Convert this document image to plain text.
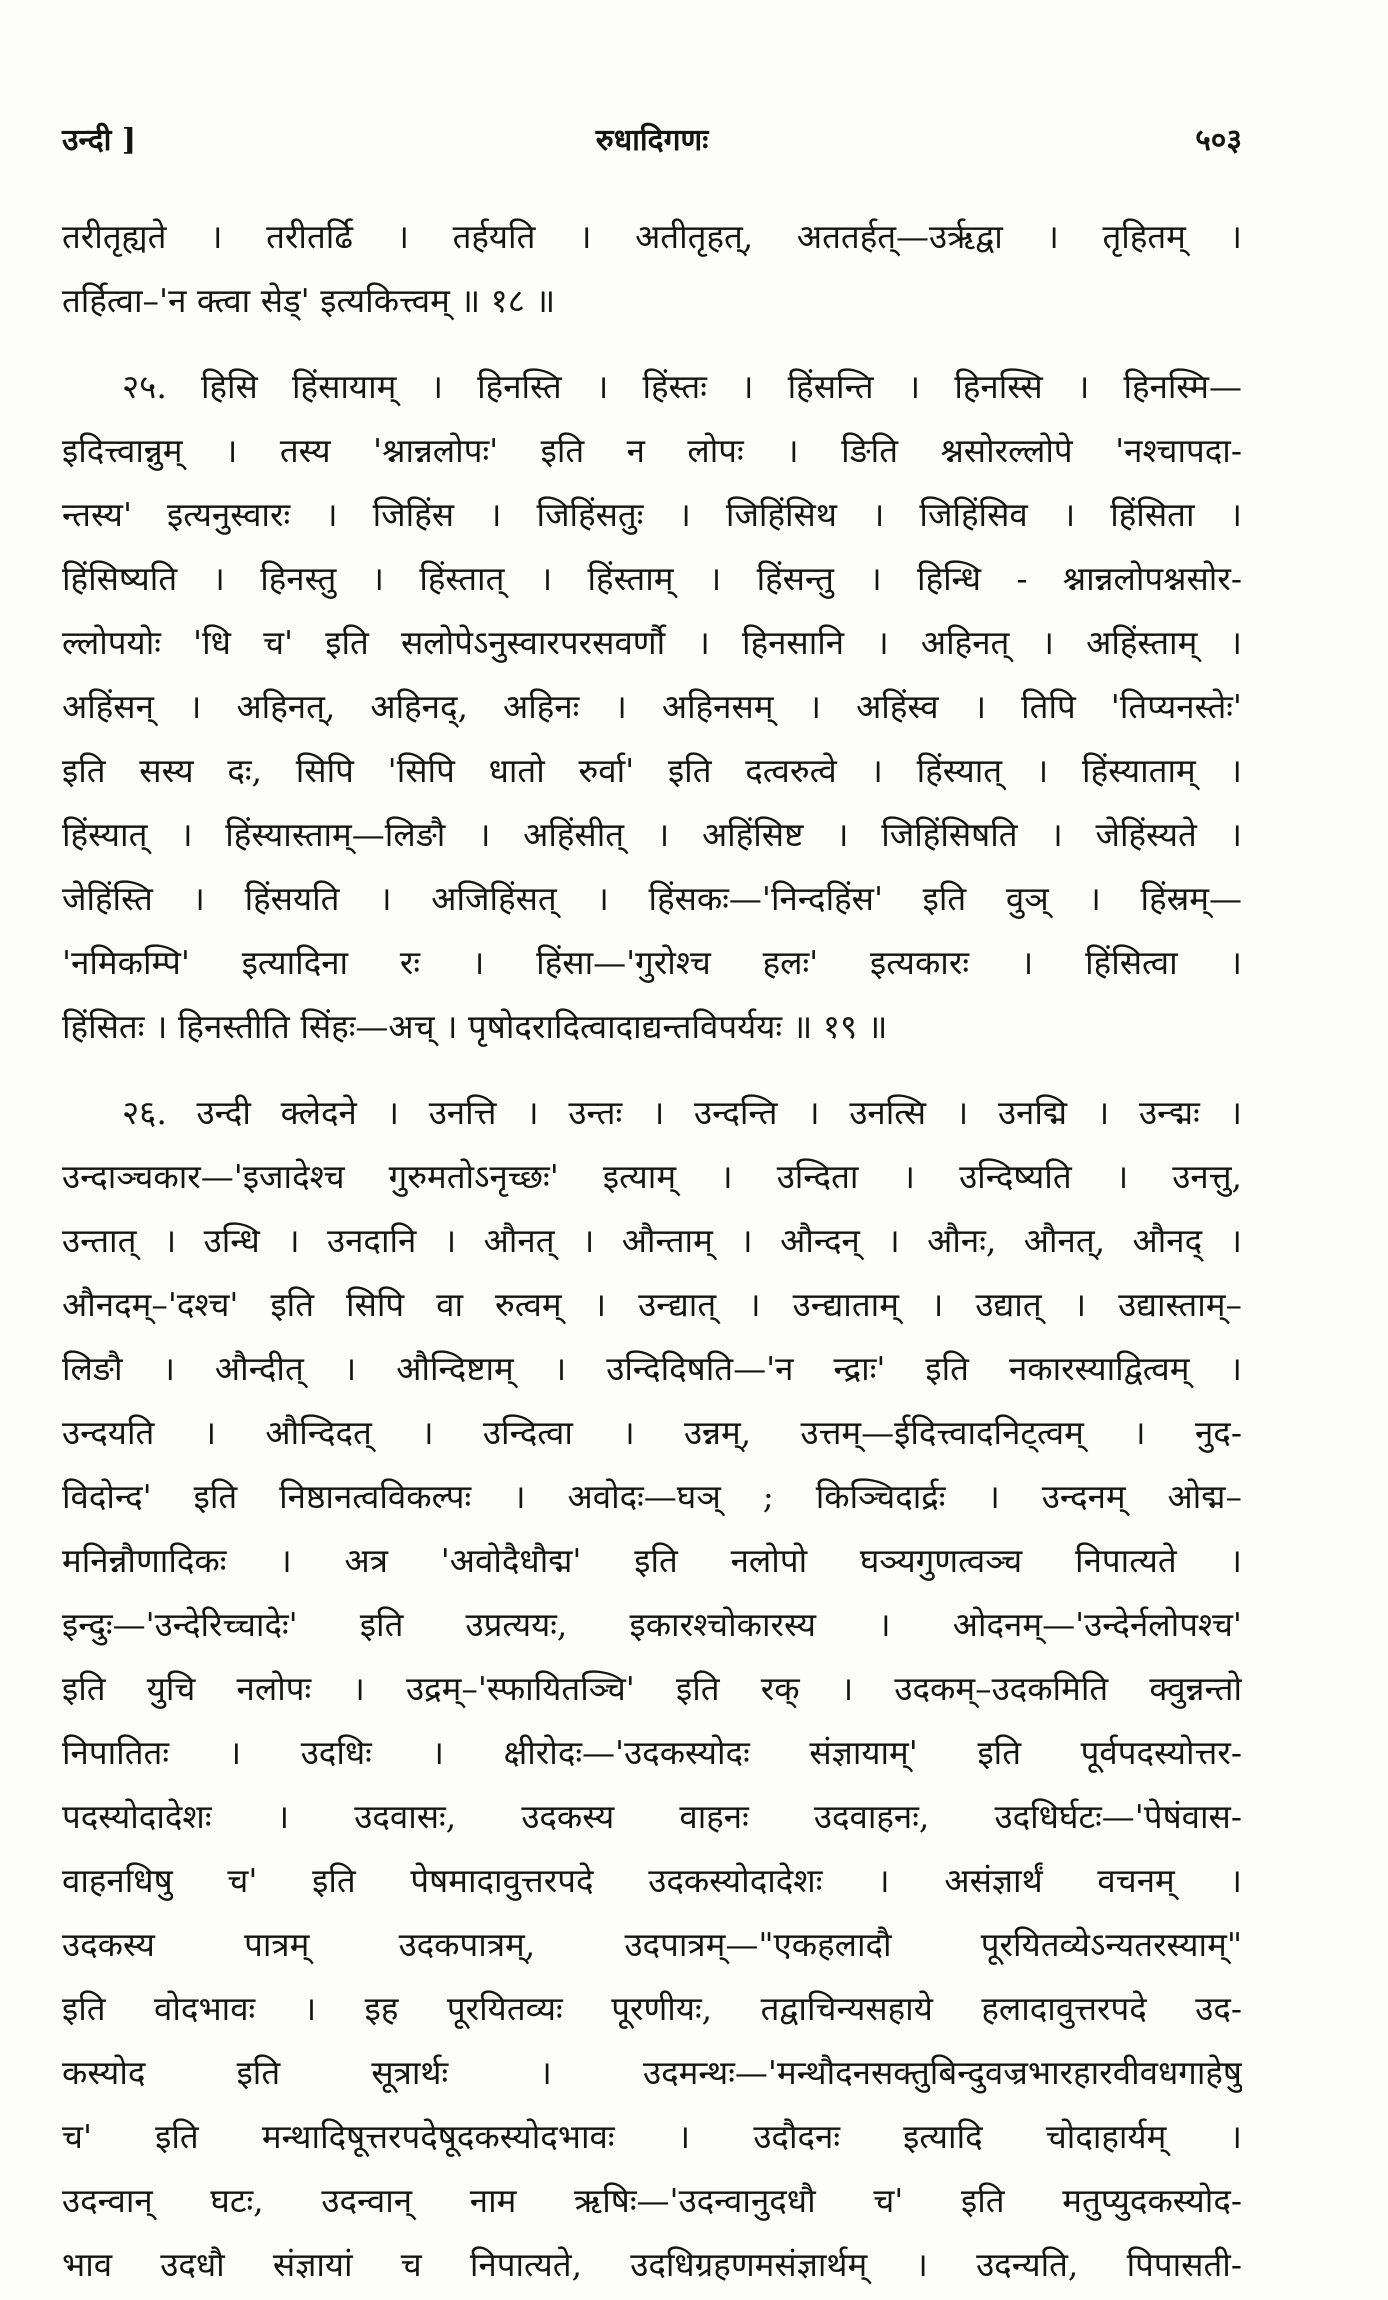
उन्दी ]	रुधादिगणः	५०३
तरीतृह्यते । तरीतर्ढि । तर्हयति । अतीतृहत्, अततर्हत्—उर्ऋद्वा । तृहितम् ।
तर्हित्वा–'न क्त्वा सेड्' इत्यकित्त्वम् ॥ १८ ॥
२५. हिसि हिंसायाम् । हिनस्ति । हिंस्तः । हिंसन्ति । हिनस्सि । हिनस्मि—
इदित्त्वान्नुम् । तस्य 'श्नान्नलोपः' इति न लोपः । ङिति श्नसोरल्लोपे 'नश्चापदा-
न्तस्य' इत्यनुस्वारः । जिहिंस । जिहिंसतुः । जिहिंसिथ । जिहिंसिव । हिंसिता ।
हिंसिष्यति । हिनस्तु । हिंस्तात् । हिंस्ताम् । हिंसन्तु । हिन्धि - श्नान्नलोपश्नसोर-
ल्लोपयोः 'धि च' इति सलोपेऽनुस्वारपरसवर्णौ । हिनसानि । अहिनत् । अहिंस्ताम् ।
अहिंसन् । अहिनत्, अहिनद्, अहिनः । अहिनसम् । अहिंस्व । तिपि 'तिप्यनस्तेः'
इति सस्य दः, सिपि 'सिपि धातो रुर्वा' इति दत्वरुत्वे । हिंस्यात् । हिंस्याताम् ।
हिंस्यात् । हिंस्यास्ताम्—लिङौ । अहिंसीत् । अहिंसिष्ट । जिहिंसिषति । जेहिंस्यते ।
जेहिंस्ति । हिंसयति । अजिहिंसत् । हिंसकः—'निन्दहिंस' इति वुञ् । हिंस्रम्—
'नमिकम्पि' इत्यादिना रः । हिंसा—'गुरोश्च हलः' इत्यकारः । हिंसित्वा ।
हिंसितः । हिनस्तीति सिंहः—अच् । पृषोदरादित्वादाद्यन्तविपर्ययः ॥ १९ ॥
२६. उन्दी क्लेदने । उनत्ति । उन्तः । उन्दन्ति । उनत्सि । उनद्मि । उन्द्मः ।
उन्दाञ्चकार—'इजादेश्च गुरुमतोऽनृच्छः' इत्याम् । उन्दिता । उन्दिष्यति । उनत्तु,
उन्तात् । उन्धि । उनदानि । औनत् । औन्ताम् । औन्दन् । औनः, औनत्, औनद् ।
औनदम्–'दश्च' इति सिपि वा रुत्वम् । उन्द्यात् । उन्द्याताम् । उद्यात् । उद्यास्ताम्–
लिङौ । औन्दीत् । औन्दिष्टाम् । उन्दिदिषति—'न न्द्राः' इति नकारस्याद्वित्वम् ।
उन्दयति । औन्दिदत् । उन्दित्वा । उन्नम्, उत्तम्—ईदित्त्वादनिट्त्वम् । नुद-
विदोन्द' इति निष्ठानत्वविकल्पः । अवोदः—घञ् ; किञ्चिदार्द्रः । उन्दनम् ओद्म–
मनिन्नौणादिकः । अत्र 'अवोदैधौद्म' इति नलोपो घञ्यगुणत्वञ्च निपात्यते ।
इन्दुः—'उन्देरिच्चादेः' इति उप्रत्ययः, इकारश्चोकारस्य । ओदनम्—'उन्देर्नलोपश्च'
इति युचि नलोपः । उद्रम्–'स्फायितञ्चि' इति रक् । उदकम्–उदकमिति क्वुन्नन्तो
निपातितः । उदधिः । क्षीरोदः—'उदकस्योदः संज्ञायाम्' इति पूर्वपदस्योत्तर-
पदस्योदादेशः । उदवासः, उदकस्य वाहनः उदवाहनः, उदधिर्घटः—'पेषंवास-
वाहनधिषु च' इति पेषमादावुत्तरपदे उदकस्योदादेशः । असंज्ञार्थं वचनम् ।
उदकस्य पात्रम् उदकपात्रम्, उदपात्रम्—"एकहलादौ पूरयितव्येऽन्यतरस्याम्"
इति वोदभावः । इह पूरयितव्यः पूरणीयः, तद्वाचिन्यसहाये हलादावुत्तरपदे उद-
कस्योद इति सूत्रार्थः । उदमन्थः—'मन्थौदनसक्तुबिन्दुवज्रभारहारवीवधगाहेषु
च' इति मन्थादिषूत्तरपदेषूदकस्योदभावः । उदौदनः इत्यादि चोदाहार्यम् ।
उदन्वान् घटः, उदन्वान् नाम ऋषिः—'उदन्वानुदधौ च' इति मतुप्युदकस्योद-
भाव उदधौ संज्ञायां च निपात्यते, उदधिग्रहणमसंज्ञार्थम् । उदन्यति, पिपासती-
